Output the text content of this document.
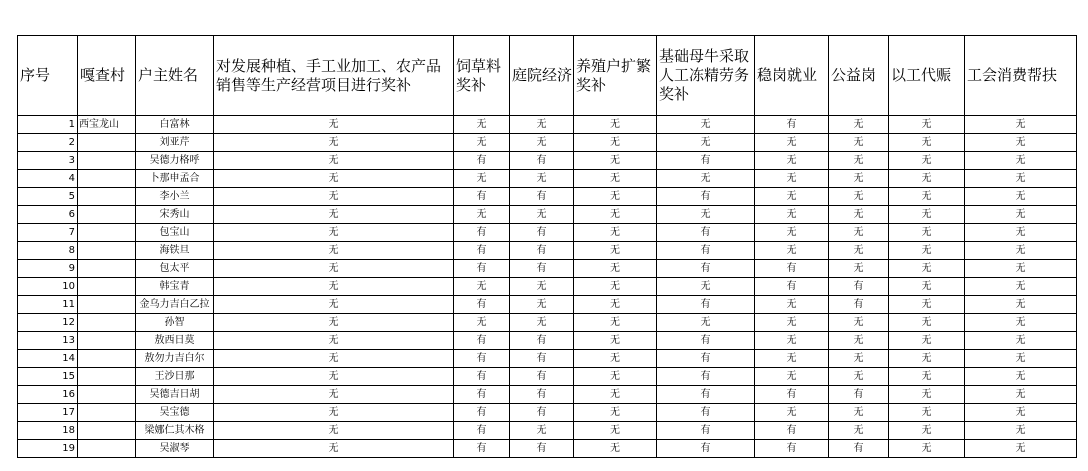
序号	嘎查村	户主姓名	对发展种植、手工业加工、农产品销售等生产经营项目进行奖补	饲草料奖补	庭院经济	养殖户扩繁奖补	基础母牛采取人工冻精劳务奖补	稳岗就业	公益岗	以工代赈	工会消费帮扶
1	西宝龙山	白富林	无	无	无	无	无	有	无	无	无
2		刘亚芹	无	无	无	无	无	无	无	无	无
3		吴德力格呼	无	有	有	无	有	无	无	无	无
4		卜那申孟合	无	无	无	无	无	无	无	无	无
5		李小兰	无	有	有	无	有	无	无	无	无
6		宋秀山	无	无	无	无	无	无	无	无	无
7		包宝山	无	有	有	无	有	无	无	无	无
8		海铁旦	无	有	有	无	有	无	无	无	无
9		包太平	无	有	有	无	有	有	无	无	无
10		韩宝青	无	无	无	无	无	有	有	无	无
11		金乌力吉白乙拉	无	有	无	无	有	无	有	无	无
12		孙智	无	无	无	无	无	无	无	无	无
13		敖西日莫	无	有	有	无	有	无	无	无	无
14		敖勿力吉白尔	无	有	有	无	有	无	无	无	无
15		王沙日那	无	有	有	无	有	无	无	无	无
16		吴德吉日胡	无	有	有	无	有	有	有	无	无
17		吴宝德	无	有	有	无	有	无	无	无	无
18		梁娜仁其木格	无	有	无	无	有	有	无	无	无
19		吴淑琴	无	有	有	无	有	有	有	无	无
